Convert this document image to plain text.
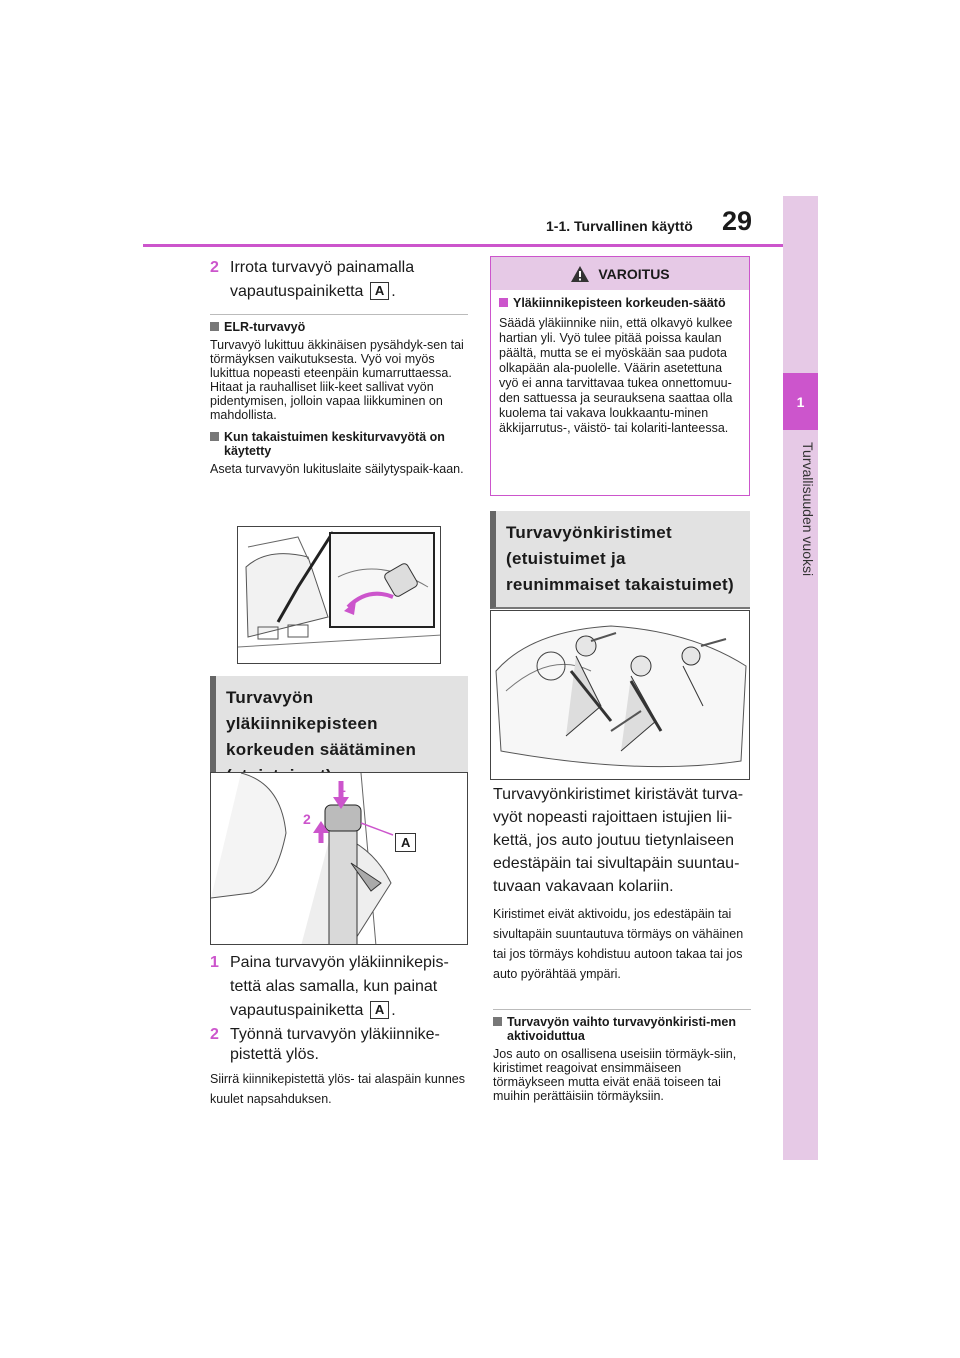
1-1. Turvallinen käyttö 29
1
Turvallisuuden vuoksi
2 Irrota turvavyö painamalla vapautuspainiketta A .
ELR-turvavyö
Turvavyö lukittuu äkkinäisen pysähdyk-sen tai törmäyksen vaikutuksesta. Vyö voi myös lukittua nopeasti eteenpäin kumarruttaessa. Hitaat ja rauhalliset liik-keet sallivat vyön pidentymisen, jolloin vapaa liikkuminen on mahdollista.
Kun takaistuimen keskiturvavyötä on käytetty
Aseta turvavyön lukituslaite säilytyspaik-kaan.
Turvavyön yläkiinnikepisteen korkeuden säätäminen
1
2
A
1 Paina turvavyön yläkiinnikepis-tettä alas samalla, kun painat vapautuspainiketta A .
2 Työnnä turvavyön yläkiinnike-pistettä ylös.
Siirrä kiinnikepistettä ylös- tai alaspäin kunnes kuulet napsahduksen.
VAROITUS
Yläkiinnikepisteen korkeuden-säätö
Säädä yläkiinnike niin, että olkavyö kulkee hartian yli. Vyö tulee pitää poissa kaulan päältä, mutta se ei myöskään saa pudota olkapään ala-puolelle. Väärin asetettuna vyö ei anna tarvittavaa tukea onnettomuu-den sattuessa ja seurauksena saattaa olla kuolema tai vakava loukkaantu-minen äkkijarrutus-, väistö- tai kolariti-lanteessa.
Turvavyönkiristimet (etuistuimet ja reunimmaiset takaistuimet)
Turvavyönkiristimet kiristävät turva-vyöt nopeasti rajoittaen istujien lii-kettä, jos auto joutuu tietynlaiseen edestäpäin tai sivultapäin suuntau-tuvaan vakavaan kolariin.
Kiristimet eivät aktivoidu, jos edestäpäin tai sivultapäin suuntautuva törmäys on vähäinen tai jos törmäys kohdistuu autoon takaa tai jos auto pyörähtää ympäri.
Turvavyön vaihto turvavyönkiristi-men aktivoiduttua
Jos auto on osallisena useisiin törmäyk-siin, kiristimet reagoivat ensimmäiseen törmäykseen mutta eivät enää toiseen tai muihin perättäisiin törmäyksiin.
